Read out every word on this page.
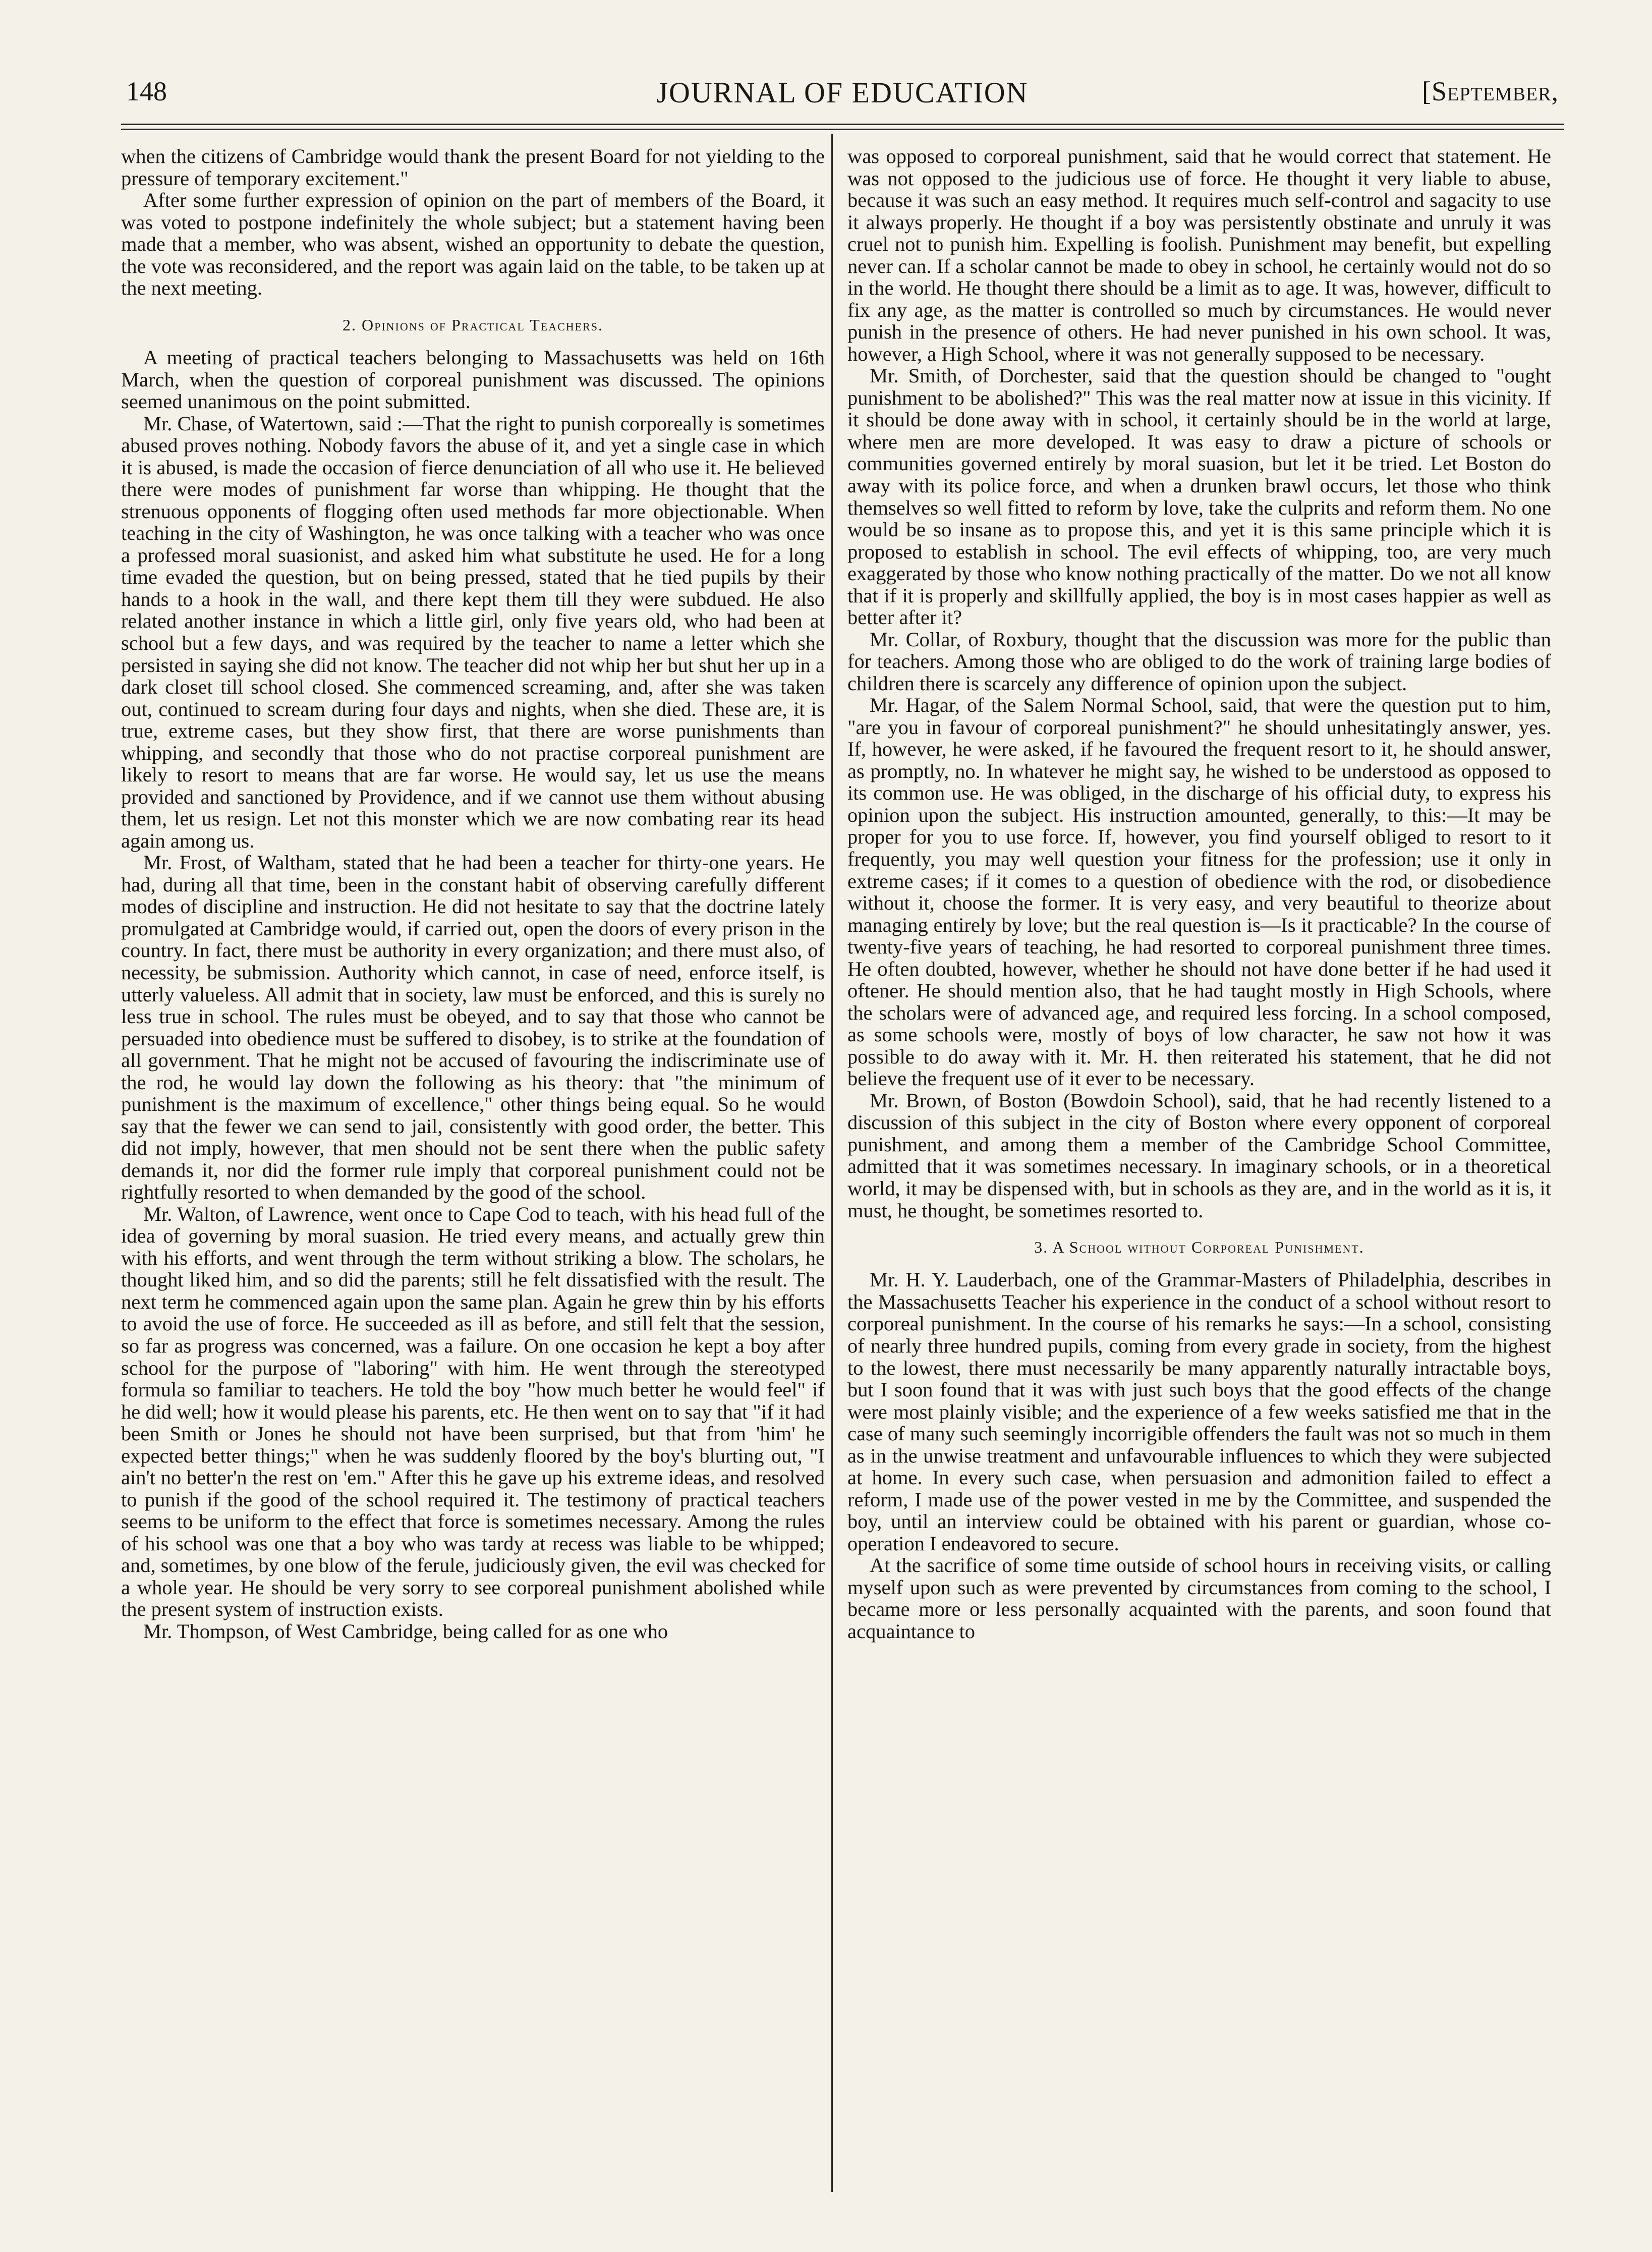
148	JOURNAL OF EDUCATION	[September,

when the citizens of Cambridge would thank the present Board for not yielding to the pressure of temporary excitement."

After some further expression of opinion on the part of members of the Board, it was voted to postpone indefinitely the whole subject; but a statement having been made that a member, who was absent, wished an opportunity to debate the question, the vote was reconsidered, and the report was again laid on the table, to be taken up at the next meeting.

2. Opinions of Practical Teachers.

A meeting of practical teachers belonging to Massachusetts was held on 16th March, when the question of corporeal punishment was discussed. The opinions seemed unanimous on the point submitted.

Mr. Chase, of Watertown, said :—That the right to punish corporeally is sometimes abused proves nothing. Nobody favors the abuse of it, and yet a single case in which it is abused, is made the occasion of fierce denunciation of all who use it. He believed there were modes of punishment far worse than whipping. He thought that the strenuous opponents of flogging often used methods far more objectionable. When teaching in the city of Washington, he was once talking with a teacher who was once a professed moral suasionist, and asked him what substitute he used. He for a long time evaded the question, but on being pressed, stated that he tied pupils by their hands to a hook in the wall, and there kept them till they were subdued. He also related another instance in which a little girl, only five years old, who had been at school but a few days, and was required by the teacher to name a letter which she persisted in saying she did not know. The teacher did not whip her but shut her up in a dark closet till school closed. She commenced screaming, and, after she was taken out, continued to scream during four days and nights, when she died. These are, it is true, extreme cases, but they show first, that there are worse punishments than whipping, and secondly that those who do not practise corporeal punishment are likely to resort to means that are far worse. He would say, let us use the means provided and sanctioned by Providence, and if we cannot use them without abusing them, let us resign. Let not this monster which we are now combating rear its head again among us.

Mr. Frost, of Waltham, stated that he had been a teacher for thirty-one years. He had, during all that time, been in the constant habit of observing carefully different modes of discipline and instruction. He did not hesitate to say that the doctrine lately promulgated at Cambridge would, if carried out, open the doors of every prison in the country. In fact, there must be authority in every organization; and there must also, of necessity, be submission. Authority which cannot, in case of need, enforce itself, is utterly valueless. All admit that in society, law must be enforced, and this is surely no less true in school. The rules must be obeyed, and to say that those who cannot be persuaded into obedience must be suffered to disobey, is to strike at the foundation of all government. That he might not be accused of favouring the indiscriminate use of the rod, he would lay down the following as his theory: that "the minimum of punishment is the maximum of excellence," other things being equal. So he would say that the fewer we can send to jail, consistently with good order, the better. This did not imply, however, that men should not be sent there when the public safety demands it, nor did the former rule imply that corporeal punishment could not be rightfully resorted to when demanded by the good of the school.

Mr. Walton, of Lawrence, went once to Cape Cod to teach, with his head full of the idea of governing by moral suasion. He tried every means, and actually grew thin with his efforts, and went through the term without striking a blow. The scholars, he thought liked him, and so did the parents; still he felt dissatisfied with the result. The next term he commenced again upon the same plan. Again he grew thin by his efforts to avoid the use of force. He succeeded as ill as before, and still felt that the session, so far as progress was concerned, was a failure. On one occasion he kept a boy after school for the purpose of "laboring" with him. He went through the stereotyped formula so familiar to teachers. He told the boy "how much better he would feel" if he did well; how it would please his parents, etc. He then went on to say that "if it had been Smith or Jones he should not have been surprised, but that from 'him' he expected better things;" when he was suddenly floored by the boy's blurting out, "I ain't no better'n the rest on 'em." After this he gave up his extreme ideas, and resolved to punish if the good of the school required it. The testimony of practical teachers seems to be uniform to the effect that force is sometimes necessary. Among the rules of his school was one that a boy who was tardy at recess was liable to be whipped; and, sometimes, by one blow of the ferule, judiciously given, the evil was checked for a whole year. He should be very sorry to see corporeal punishment abolished while the present system of instruction exists.

Mr. Thompson, of West Cambridge, being called for as one who

was opposed to corporeal punishment, said that he would correct that statement. He was not opposed to the judicious use of force. He thought it very liable to abuse, because it was such an easy method. It requires much self-control and sagacity to use it always properly. He thought if a boy was persistently obstinate and unruly it was cruel not to punish him. Expelling is foolish. Punishment may benefit, but expelling never can. If a scholar cannot be made to obey in school, he certainly would not do so in the world. He thought there should be a limit as to age. It was, however, difficult to fix any age, as the matter is controlled so much by circumstances. He would never punish in the presence of others. He had never punished in his own school. It was, however, a High School, where it was not generally supposed to be necessary.

Mr. Smith, of Dorchester, said that the question should be changed to "ought punishment to be abolished?" This was the real matter now at issue in this vicinity. If it should be done away with in school, it certainly should be in the world at large, where men are more developed. It was easy to draw a picture of schools or communities governed entirely by moral suasion, but let it be tried. Let Boston do away with its police force, and when a drunken brawl occurs, let those who think themselves so well fitted to reform by love, take the culprits and reform them. No one would be so insane as to propose this, and yet it is this same principle which it is proposed to establish in school. The evil effects of whipping, too, are very much exaggerated by those who know nothing practically of the matter. Do we not all know that if it is properly and skillfully applied, the boy is in most cases happier as well as better after it?

Mr. Collar, of Roxbury, thought that the discussion was more for the public than for teachers. Among those who are obliged to do the work of training large bodies of children there is scarcely any difference of opinion upon the subject.

Mr. Hagar, of the Salem Normal School, said, that were the question put to him, "are you in favour of corporeal punishment?" he should unhesitatingly answer, yes. If, however, he were asked, if he favoured the frequent resort to it, he should answer, as promptly, no. In whatever he might say, he wished to be understood as opposed to its common use. He was obliged, in the discharge of his official duty, to express his opinion upon the subject. His instruction amounted, generally, to this:—It may be proper for you to use force. If, however, you find yourself obliged to resort to it frequently, you may well question your fitness for the profession; use it only in extreme cases; if it comes to a question of obedience with the rod, or disobedience without it, choose the former. It is very easy, and very beautiful to theorize about managing entirely by love; but the real question is—Is it practicable? In the course of twenty-five years of teaching, he had resorted to corporeal punishment three times. He often doubted, however, whether he should not have done better if he had used it oftener. He should mention also, that he had taught mostly in High Schools, where the scholars were of advanced age, and required less forcing. In a school composed, as some schools were, mostly of boys of low character, he saw not how it was possible to do away with it. Mr. H. then reiterated his statement, that he did not believe the frequent use of it ever to be necessary.

Mr. Brown, of Boston (Bowdoin School), said, that he had recently listened to a discussion of this subject in the city of Boston where every opponent of corporeal punishment, and among them a member of the Cambridge School Committee, admitted that it was sometimes necessary. In imaginary schools, or in a theoretical world, it may be dispensed with, but in schools as they are, and in the world as it is, it must, he thought, be sometimes resorted to.

3. A School without Corporeal Punishment.

Mr. H. Y. Lauderbach, one of the Grammar-Masters of Philadelphia, describes in the Massachusetts Teacher his experience in the conduct of a school without resort to corporeal punishment. In the course of his remarks he says:—In a school, consisting of nearly three hundred pupils, coming from every grade in society, from the highest to the lowest, there must necessarily be many apparently naturally intractable boys, but I soon found that it was with just such boys that the good effects of the change were most plainly visible; and the experience of a few weeks satisfied me that in the case of many such seemingly incorrigible offenders the fault was not so much in them as in the unwise treatment and unfavourable influences to which they were subjected at home. In every such case, when persuasion and admonition failed to effect a reform, I made use of the power vested in me by the Committee, and suspended the boy, until an interview could be obtained with his parent or guardian, whose co-operation I endeavored to secure.

At the sacrifice of some time outside of school hours in receiving visits, or calling myself upon such as were prevented by circumstances from coming to the school, I became more or less personally acquainted with the parents, and soon found that acquaintance to
